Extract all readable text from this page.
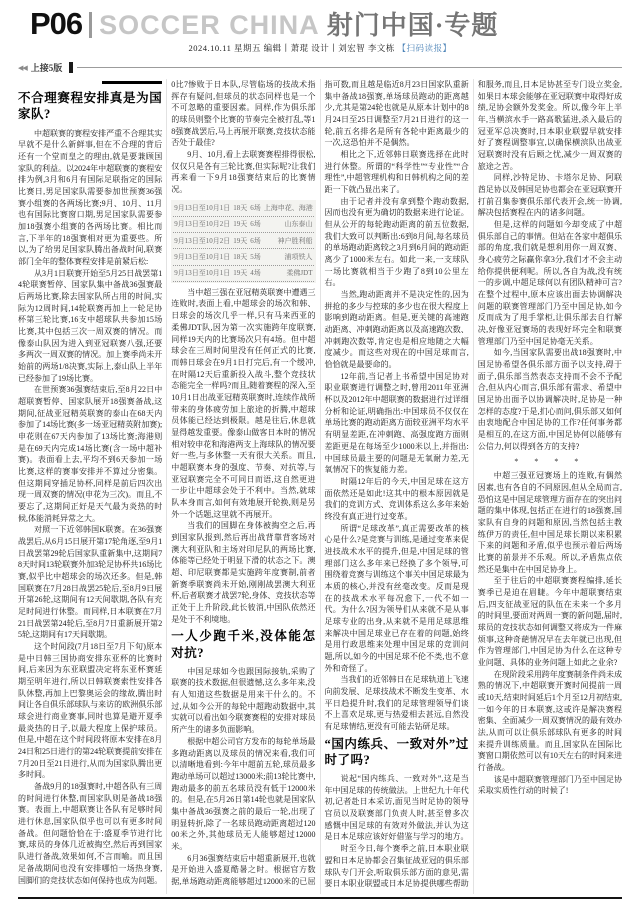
P06 SOCCER CHINA 射门中国·专题
2024.10.11 星期五 编辑丨萧琨 设计丨刘宏智 李文栋 【扫码读报】
◀◀ 上接5版
不合理赛程安排真是为国家队?

中超联赛的赛程安排严重不合理其实早就不是什么新鲜事,但在不合理的背后还有一个堂而皇之的理由,就是要兼顾国家队的利益。以2024年中超联赛的赛程安排为例,3月和6月有国际足联指定的国际比赛日,男足国家队需要参加世预赛36强赛小组赛的各两场比赛;9月、10月、11月也有国际比赛窗口期,男足国家队需要参加18强赛小组赛的各两场比赛。相比而言,下半年的18强赛相对更为重要些。所以,为了给男足国家队腾出备战时间,联赛部门全年的整体赛程安排是前紧后松:

从3月1日联赛开始至5月25日战罢第14轮联赛暂停、国家队集中备战36强赛最后两场比赛,除去国家队所占用的时间,实际为12周时间,14轮联赛再加上一轮足协杯第三轮比赛,16支中超球队共参加15场比赛,其中包括三次一周双赛的情况。而像泰山队因为进入到亚冠联赛八强,还要多两次一周双赛的情况。加上赛季尚未开始前的两场1/8决赛,实际上,泰山队上半年已经参加了19场比赛。

在世预赛36强赛结束后,至8月22日中超联赛暂停、国家队展开18强赛备战,这期间,征战亚冠精英联赛的泰山在68天内参加了14场比赛(多一场亚冠精英附加赛);申花则在67天内参加了13场比赛;海港则是在69天内完成14场比赛(含一场中超补赛)。表面看上去,平均不到6天参加一场比赛,这样的赛事安排并不算过分密集。但这期间穿插足协杯,同样是前后四次出现一周双赛的情况(申花为三次)。而且,不要忘了,这期间正好是天气最为炎热的时候,体能消耗异常之大。

对照一下近邻韩国K联赛。在36强赛战罢后,从6月15日展开第17轮角逐,至9月1日战罢第29轮后国家队重新集中,这期间78天时间13轮联赛外加3轮足协杯共16场比赛,似乎比中超球会的场次还多。但是,韩国联赛在7月28日战罢25轮后,至8月9日展开第26轮,这期间有12天间歇期,各队有充足时间进行休整。而同样,日本联赛在7月21日战罢第24轮后,至8月7日重新展开第25轮,这期间有17天间歇期。

这个时间段(7月18日至7月下旬)原本是中日韩三国协商安排东亚杯的比赛时间,后来因为东亚联盟决定将东亚杯赛延期至明年进行,所以日韩联赛索性安排各队休整,再加上巴黎奥运会的缘故,腾出时间让各自俱乐部球队与来访的欧洲俱乐部球会进行商业赛事,同时也算是避开夏季最炎热的日子,以最大程度上保护球员。但是,中超在这个时间段将原本安排在8月24日和25日进行的第24轮联赛提前安排在7月20日至21日进行,从而为国家队腾出更多时间。

备战9月的18强赛时,中超各队有三周的时间进行休整,而国家队则是备战18强赛。表面上,中超联赛让各队有足够时间进行休息,国家队似乎也可以有更多时间备战。但问题恰恰在于:盛夏季节进行比赛,球员的身体几近被掏空,然后再到国家队进行备战,效果如何,不言而喻。而且国足备战期间也没有安排哪怕一场热身赛,国脚们的竞技状态如何保持也成为问题。0比7惨败于日本队,尽管临场的技战术指挥存有疑问,但球员的状态同样也是一个不可忽略的重要因素。同样,作为俱乐部的球员则整个比赛的节奏完全被打乱,等18强赛战罢后,马上再展开联赛,竞技状态能否处于最佳?

9月、10月,看上去联赛赛程排得很松,仅仅只是各有三轮比赛,但实际呢?让我们再来看一下9月18强赛结束后的比赛情况。

9月13日至10月1日 18天 6场 上海申花、海港
9月13日至10月2日 19天 6场	山东泰山
9月13日至10月2日 19天 6场	神户胜利船
9月13日至10月1日 18天 5场	浦项铁人
9月13日至10月1日 19天 4场	柔佛JDT

当中超三强在亚冠精英联赛中遭遇三连败时,表面上看,中超球会的场次和韩、日球会的场次几乎一样,只有马来西亚的柔佛JDT队,因为第一次实施跨年度联赛,同样19天内的比赛场次只有4场。但中超球会在三周时间里没有任何正式的比赛,而韩日球会在9月1日打完后,有一个缓冲,在时隔12天后重新投入战斗,整个竞技状态能完全一样吗?而且,随着赛程的深入,至10月1日出战亚冠精英联赛时,连续作战所带来的身体疲劳加上旅途的折腾,中超球员体能已经达到极限。越是往后,休息就显得越发重要。像泰山做客日本时的情况相对较申花和海港两支上海球队的情况要好一些,与多休整一天有很大关系。而且,中超联赛本身的强度、节奏、对抗等,与亚冠联赛完全不可同日而语,这自然更进一步让中超球会处于不利中。当然,就球队本身而言,如何有效地展开轮换,则是另外一个话题,这里就不再展开。

当我们的国脚在身体被掏空之后,再到国家队报到,然后再出战背靠背客场对澳大利亚队和主场对印尼队的两场比赛,体能等已经处于明显下滑的状态之下。澳超、印尼联赛都是实施跨年度赛制,前者新赛季联赛尚未开始,刚刚战罢澳大利亚杯,后者联赛才战罢7轮,身体、竞技状态等正处于上升阶段,此长彼消,中国队依然还是处于不利境地。

一人少跑千米,没体能怎对抗?

中国足球如今也跟国际接轨,采购了联赛的技术数据,但很遗憾,这么多年来,没有人知道这些数据是用来干什么的。不过,从如今公开的每轮中超跑动数据中,其实就可以看出如今联赛赛程的安排对球员所产生的诸多负面影响。

根据中超公司官方发布的每轮单场最多跑动距离以及球员的情况来看,我们可以清晰地看到:今年中超前五轮,球员最多跑动单场可以超过13000米;前13轮比赛中,跑动最多的前五名球员没有低于12000米的。但是,在5月26日第14轮也就是国家队集中备战36强赛之前的最后一轮,出现了明显转折,除了一名球员跑动距离超过12000米之外,其他球员无人能够超过12000米。

6月36强赛结束后中超重新展开,也就是开始进入盛夏酷暑之时。根据官方数据,单场跑动距离能够超过12000米的已屈指可数,而且越是临近8月23日国家队重新集中备战18强赛,单场球员跑动的距离越少,尤其是第24轮也就是从原本计划中的8月24日至25日调整至7月21日进行的这一轮,前五名排名是所有各轮中距离最少的一次,这恐怕并不是偶然。

相比之下,近邻韩日联赛选择在此时进行休整。所谓的“科学性”“专业性”“合理性”,中超管理机构和日韩机构之间的差距一下就凸显出来了。

由于记者并没有拿到整个跑动数据,因而也没有更为确切的数据来进行论证。但从公开的每轮跑动距离的前五位数据,我们大致可以判断出:6到8月间,每名球员的单场跑动距离较之3月到6月间的跑动距离少了1000米左右。如此一来,一支球队一场比赛就相当于少跑了8到10公里左右。

当然,跑动距离并不是决定性的,因为拼抢的多少与控球的多少也在很大程度上影响到跑动距离。但是,更关键的高速跑动距离、冲刺跑动距离以及高速跑次数、冲刺跑次数等,肯定也是相应地随之大幅度减少。而这些对现在的中国足球而言,恰恰就是最要命的。

12年前,当记者上书希望中国足协对职业联赛进行调整之时,曾用2011年亚洲杯以及2012年中超联赛的数据进行过详细分析和论证,明确指出:中国球员不仅仅在单场比赛的跑动距离方面较亚洲平均水平有明显差距,在冲刺跑、高强度跑方面则差距更是在每场至少1000米以上,并指出:中国球员最主要的问题是无氧耐力差,无氧情况下的恢复能力差。

时隔12年后的今天,中国足球在这方面依然还是如此!这其中的根本原因就是我们的竞训方式、竞训体系这么多年来始终没有真正进行过变革。

所谓“足球改革”,真正需要改革的核心是什么?是竞赛与训练,是通过变革来促进技战术水平的提升,但是,中国足球的管理部门这么多年来已经换了多个领导,可围绕着竞赛与训练这个事关中国足球最为本质的核心,并没有丝毫改变。反而是现在的技战术水平每况愈下,一代不如一代。为什么?因为领导们从来就不是从事足球专业的出身,从来就不是用足球思维来解决中国足球业已存在着的问题,始终是用行政思维来处理中国足球的竞训问题,所以,如今的中国足球不伦不类,也不意外和奇怪了。

当我们的近邻韩日在足球轨道上飞速向前发展、足球技战术不断发生变革、水平日趋提升时,我们的足球管理领导们谈不上喜欢足球,更与热爱相去甚远,自然没有足球情结,更没有可能去钻研足球。

“国内练兵、一致对外”过时了吗?

说起“国内练兵、一致对外”,这是当年中国足球的传统做法。上世纪九十年代初,记者赴日本采访,面见当时足协的领导官员以及联赛部门负责人时,甚至曾多次感慨中国足球的有效对外做法,并认为这是日本足球应该好好借鉴与学习的地方。

时至今日,每个赛季之前,日本职业联盟和日本足协都会召集征战亚冠的俱乐部球队专门开会,听取俱乐部方面的意见,需要日本职业联盟或日本足协提供哪些帮助和服务,而且,日本足协甚至专门设立奖金,如果日本球会能够在亚冠联赛中取得好成绩,足协会额外发奖金。所以,像今年上半年,当横滨水手一路高歌猛进,杀入最后的冠亚军总决赛时,日本职业联盟早就安排好了赛程调整事宜,以确保横滨队出战亚冠联赛时没有后顾之忧,减少一周双赛的旅途之苦。

同样,沙特足协、卡塔尔足协、阿联酋足协以及韩国足协也都会在亚冠联赛开打前召集参赛俱乐部代表开会,统一协调,解决包括赛程在内的诸多问题。

但是,这样的问题如今却变成了中超俱乐部自己的事情。但站在各家中超俱乐部的角度,我们就是想利用你一周双赛、身心疲劳之际赢你拿3分,我们才不会主动给你提供便利呢。所以,各自为战,没有统一的步调,中超足球何以有团队精神可言?在整个过程中,原本应该出面去协调解决问题的联赛管理部门乃至中国足协,如今反而成为了甩手掌柜,让俱乐部去自行解决,好像亚冠赛场的表现好坏完全和联赛管理部门乃至中国足协毫无关系。

如今,当国家队需要出战18强赛时,中国足协希望各俱乐部方面予以支持,碍于面子,俱乐部当然表态支持而不会不予配合,但从内心而言,俱乐部有需求、希望中国足协出面予以协调解决时,足协是一种怎样的态度?于是,扪心而问,俱乐部又如何由衷地配合中国足协的工作?任何事务都是相互的,在这方面,中国足协何以能够有公信力,何以得到各方的支持?

* * * *

中超三强亚冠赛场上的连败,有偶然因素,也有各自的不同原因,但从全局而言,恐怕这是中国足球管理方面存在的突出问题的集中体现,包括正在进行的18强赛,国家队有自身的问题和原因,当然包括主教练伊万的责任,但中国足球长期以来积累下来的问题和矛盾,似乎也预示着后两场比赛的前景并不乐观。所以,矛盾焦点依然还是集中在中国足协身上。

至于往后的中超联赛赛程编排,延长赛季已是迫在眉睫。今年中超联赛结束后,四支征战亚冠的队伍在未来一个多月的时间里,要面对两周一赛的新问题,届时,球员的竞技状态如何调整又将成为一件麻烦事,这种奇葩情况早在去年就已出现,但作为管理部门,中国足协为什么在这种专业问题、具体的业务问题上如此之业余?

在现阶段采用跨年度赛制条件尚未成熟的情况下,中超联赛开赛时间提前一周或10天,结束时间延后1个月至12月初结束,一如今年的日本联赛,这或许是解决赛程密集、全面减少一周双赛情况的最有效办法,从而可以让俱乐部球队有更多的时间来提升训练质量。而且,国家队在国际比赛窗口期依然可以有10天左右的时间来进行备战。

该是中超联赛管理部门乃至中国足协采取实质性行动的时候了!
